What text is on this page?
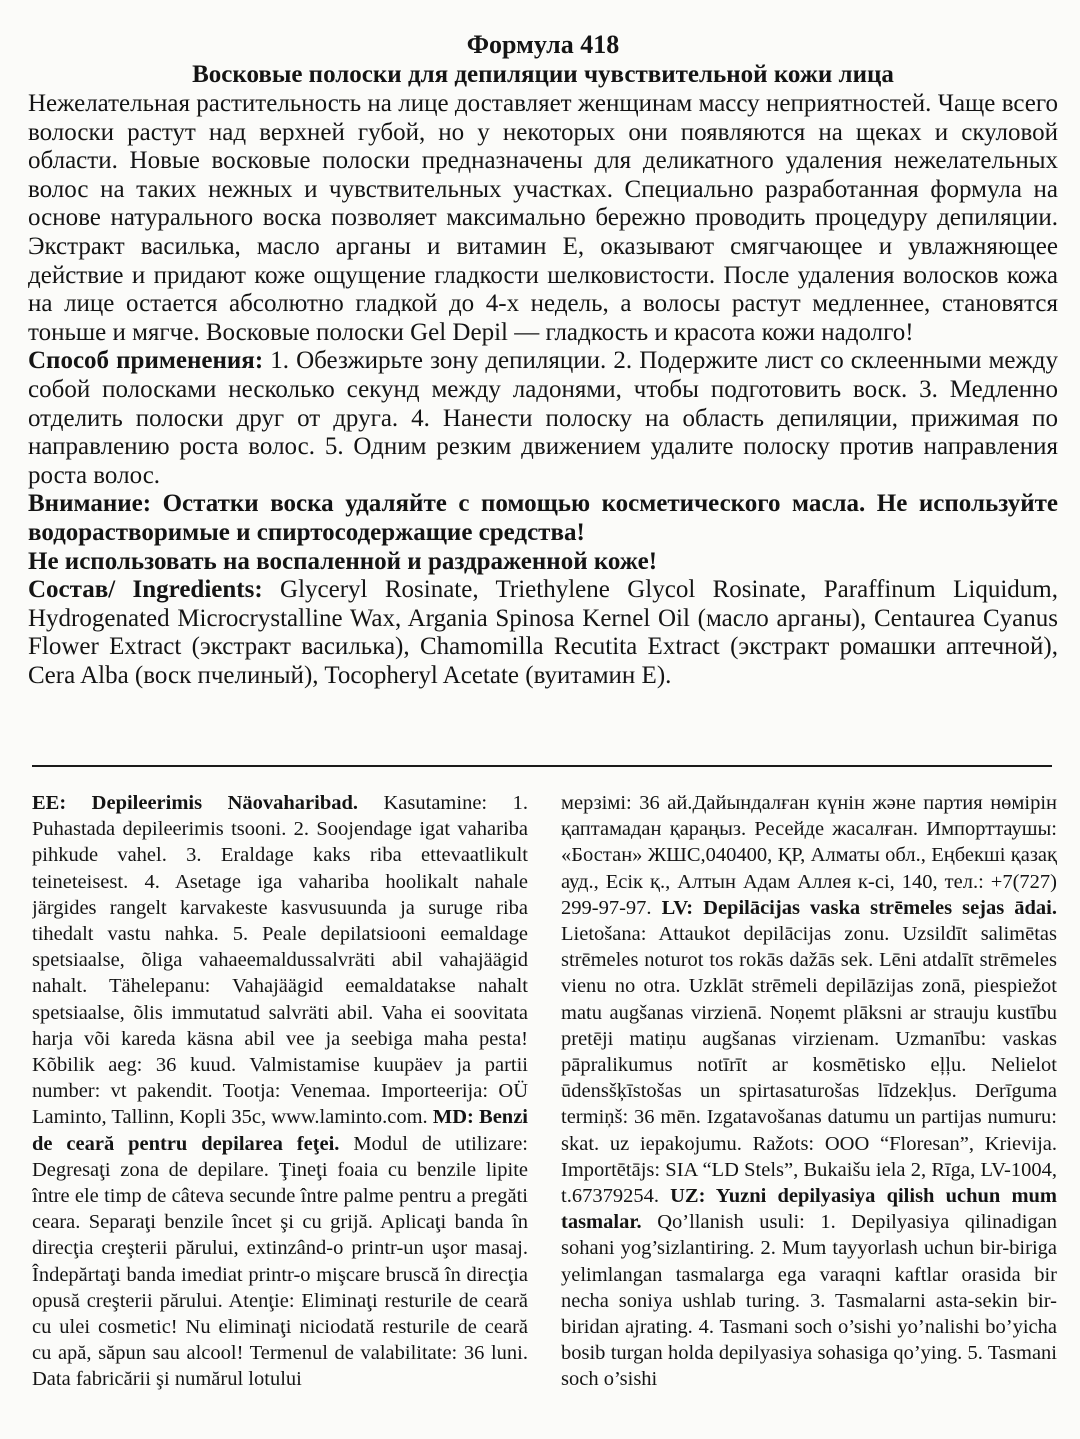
Формула 418
Восковые полоски для депиляции чувствительной кожи лица

Нежелательная растительность на лице доставляет женщинам массу неприятностей. Чаще всего волоски растут над верхней губой, но у некоторых они появляются на щеках и скуловой области. Новые восковые полоски предназначены для деликатного удаления нежелательных волос на таких нежных и чувствительных участках. Специально разработанная формула на основе натурального воска позволяет максимально бережно проводить процедуру депиляции. Экстракт василька, масло арганы и витамин Е, оказывают смягчающее и увлажняющее действие и придают коже ощущение гладкости шелковистости. После удаления волосков кожа на лице остается абсолютно гладкой до 4-х недель, а волосы растут медленнее, становятся тоньше и мягче. Восковые полоски Gel Depil — гладкость и красота кожи надолго!

Способ применения: 1. Обезжирьте зону депиляции. 2. Подержите лист со склеенными между собой полосками несколько секунд между ладонями, чтобы подготовить воск. 3. Медленно отделить полоски друг от друга. 4. Нанести полоску на область депиляции, прижимая по направлению роста волос. 5. Одним резким движением удалите полоску против направления роста волос.

Внимание: Остатки воска удаляйте с помощью косметического масла. Не используйте водорастворимые и спиртосодержащие средства!

Не использовать на воспаленной и раздраженной коже!

Состав/ Ingredients: Glyceryl Rosinate, Triethylene Glycol Rosinate, Paraffinum Liquidum, Hydrogenated Microcrystalline Wax, Argania Spinosa Kernel Oil (масло арганы), Centaurea Cyanus Flower Extract (экстракт василька), Chamomilla Recutita Extract (экстракт ромашки аптечной), Cera Alba (воск пчелиный), Tocopheryl Acetate (вуитамин Е).

EE: Depileerimis Näovaharibad. Kasutamine: 1. Puhastada depileerimis tsooni. 2. Soojendage igat vahariba pihkude vahel. 3. Eraldage kaks riba ettevaatlikult teineteisest. 4. Asetage iga vahariba hoolikalt nahale järgides rangelt karvakeste kasvusuunda ja suruge riba tihedalt vastu nahka. 5. Peale depilatsiooni eemaldage spetsiaalse, õliga vahaeemaldussalvräti abil vahajäägid nahalt. Tähelepanu: Vahajäägid eemaldatakse nahalt spetsiaalse, õlis immutatud salvräti abil. Vaha ei soovitata harja või kareda käsna abil vee ja seebiga maha pesta! Kõbilik aeg: 36 kuud. Valmistamise kuupäev ja partii number: vt pakendit. Tootja: Venemaa. Importeerija: OÜ Laminto, Tallinn, Kopli 35c, www.laminto.com. MD: Benzi de ceară pentru depilarea feţei. Modul de utilizare: Degresaţi zona de depilare. Ţineţi foaia cu benzile lipite între ele timp de câteva secunde între palme pentru a pregăti ceara. Separaţi benzile încet şi cu grijă. Aplicaţi banda în direcţia creşterii părului, extinzând-o printr-un uşor masaj. Îndepărtaţi banda imediat printr-o mişcare bruscă în direcţia opusă creşterii părului. Atenţie: Eliminaţi resturile de ceară cu ulei cosmetic! Nu eliminaţi niciodată resturile de ceară cu apă, săpun sau alcool! Termenul de valabilitate: 36 luni. Data fabricării şi numărul lotului
мерзімі: 36 ай.Дайындалған күнін және партия нөмірін қаптамадан қараңыз. Ресейде жасалған. Импорттаушы: «Бостан» ЖШС,040400, ҚР, Алматы обл., Еңбекші қазақ ауд., Есік қ., Алтын Адам Аллея к-сі, 140, тел.: +7(727) 299-97-97. LV: Depilācijas vaska strēmeles sejas ādai. Lietošana: Attaukot depilācijas zonu. Uzsildīt salimētas strēmeles noturot tos rokās dažās sek. Lēni atdalīt strēmeles vienu no otra. Uzklāt strēmeli depilāzijas zonā, piespiežot matu augšanas virzienā. Noņemt plāksni ar strauju kustību pretēji matiņu augšanas virzienam. Uzmanību: vaskas pāpralikumus notīrīt ar kosmētisko eļļu. Nelielot ūdensšķīstošas un spirtasaturošas līdzekļus. Derīguma termiņš: 36 mēn. Izgatavošanas datumu un partijas numuru: skat. uz iepakojumu. Ražots: OOO “Floresan”, Krievija. Importētājs: SIA “LD Stels”, Bukaišu iela 2, Rīga, LV-1004, t.67379254. UZ: Yuzni depilyasiya qilish uchun mum tasmalar. Qo’llanish usuli: 1. Depilyasiya qilinadigan sohani yog’sizlantiring. 2. Mum tayyorlash uchun bir-biriga yelimlangan tasmalarga ega varaqni kaftlar orasida bir necha soniya ushlab turing. 3. Tasmalarni asta-sekin bir-biridan ajrating. 4. Tasmani soch o’sishi yo’nalishi bo’yicha bosib turgan holda depilyasiya sohasiga qo’ying. 5. Tasmani soch o’sishi
